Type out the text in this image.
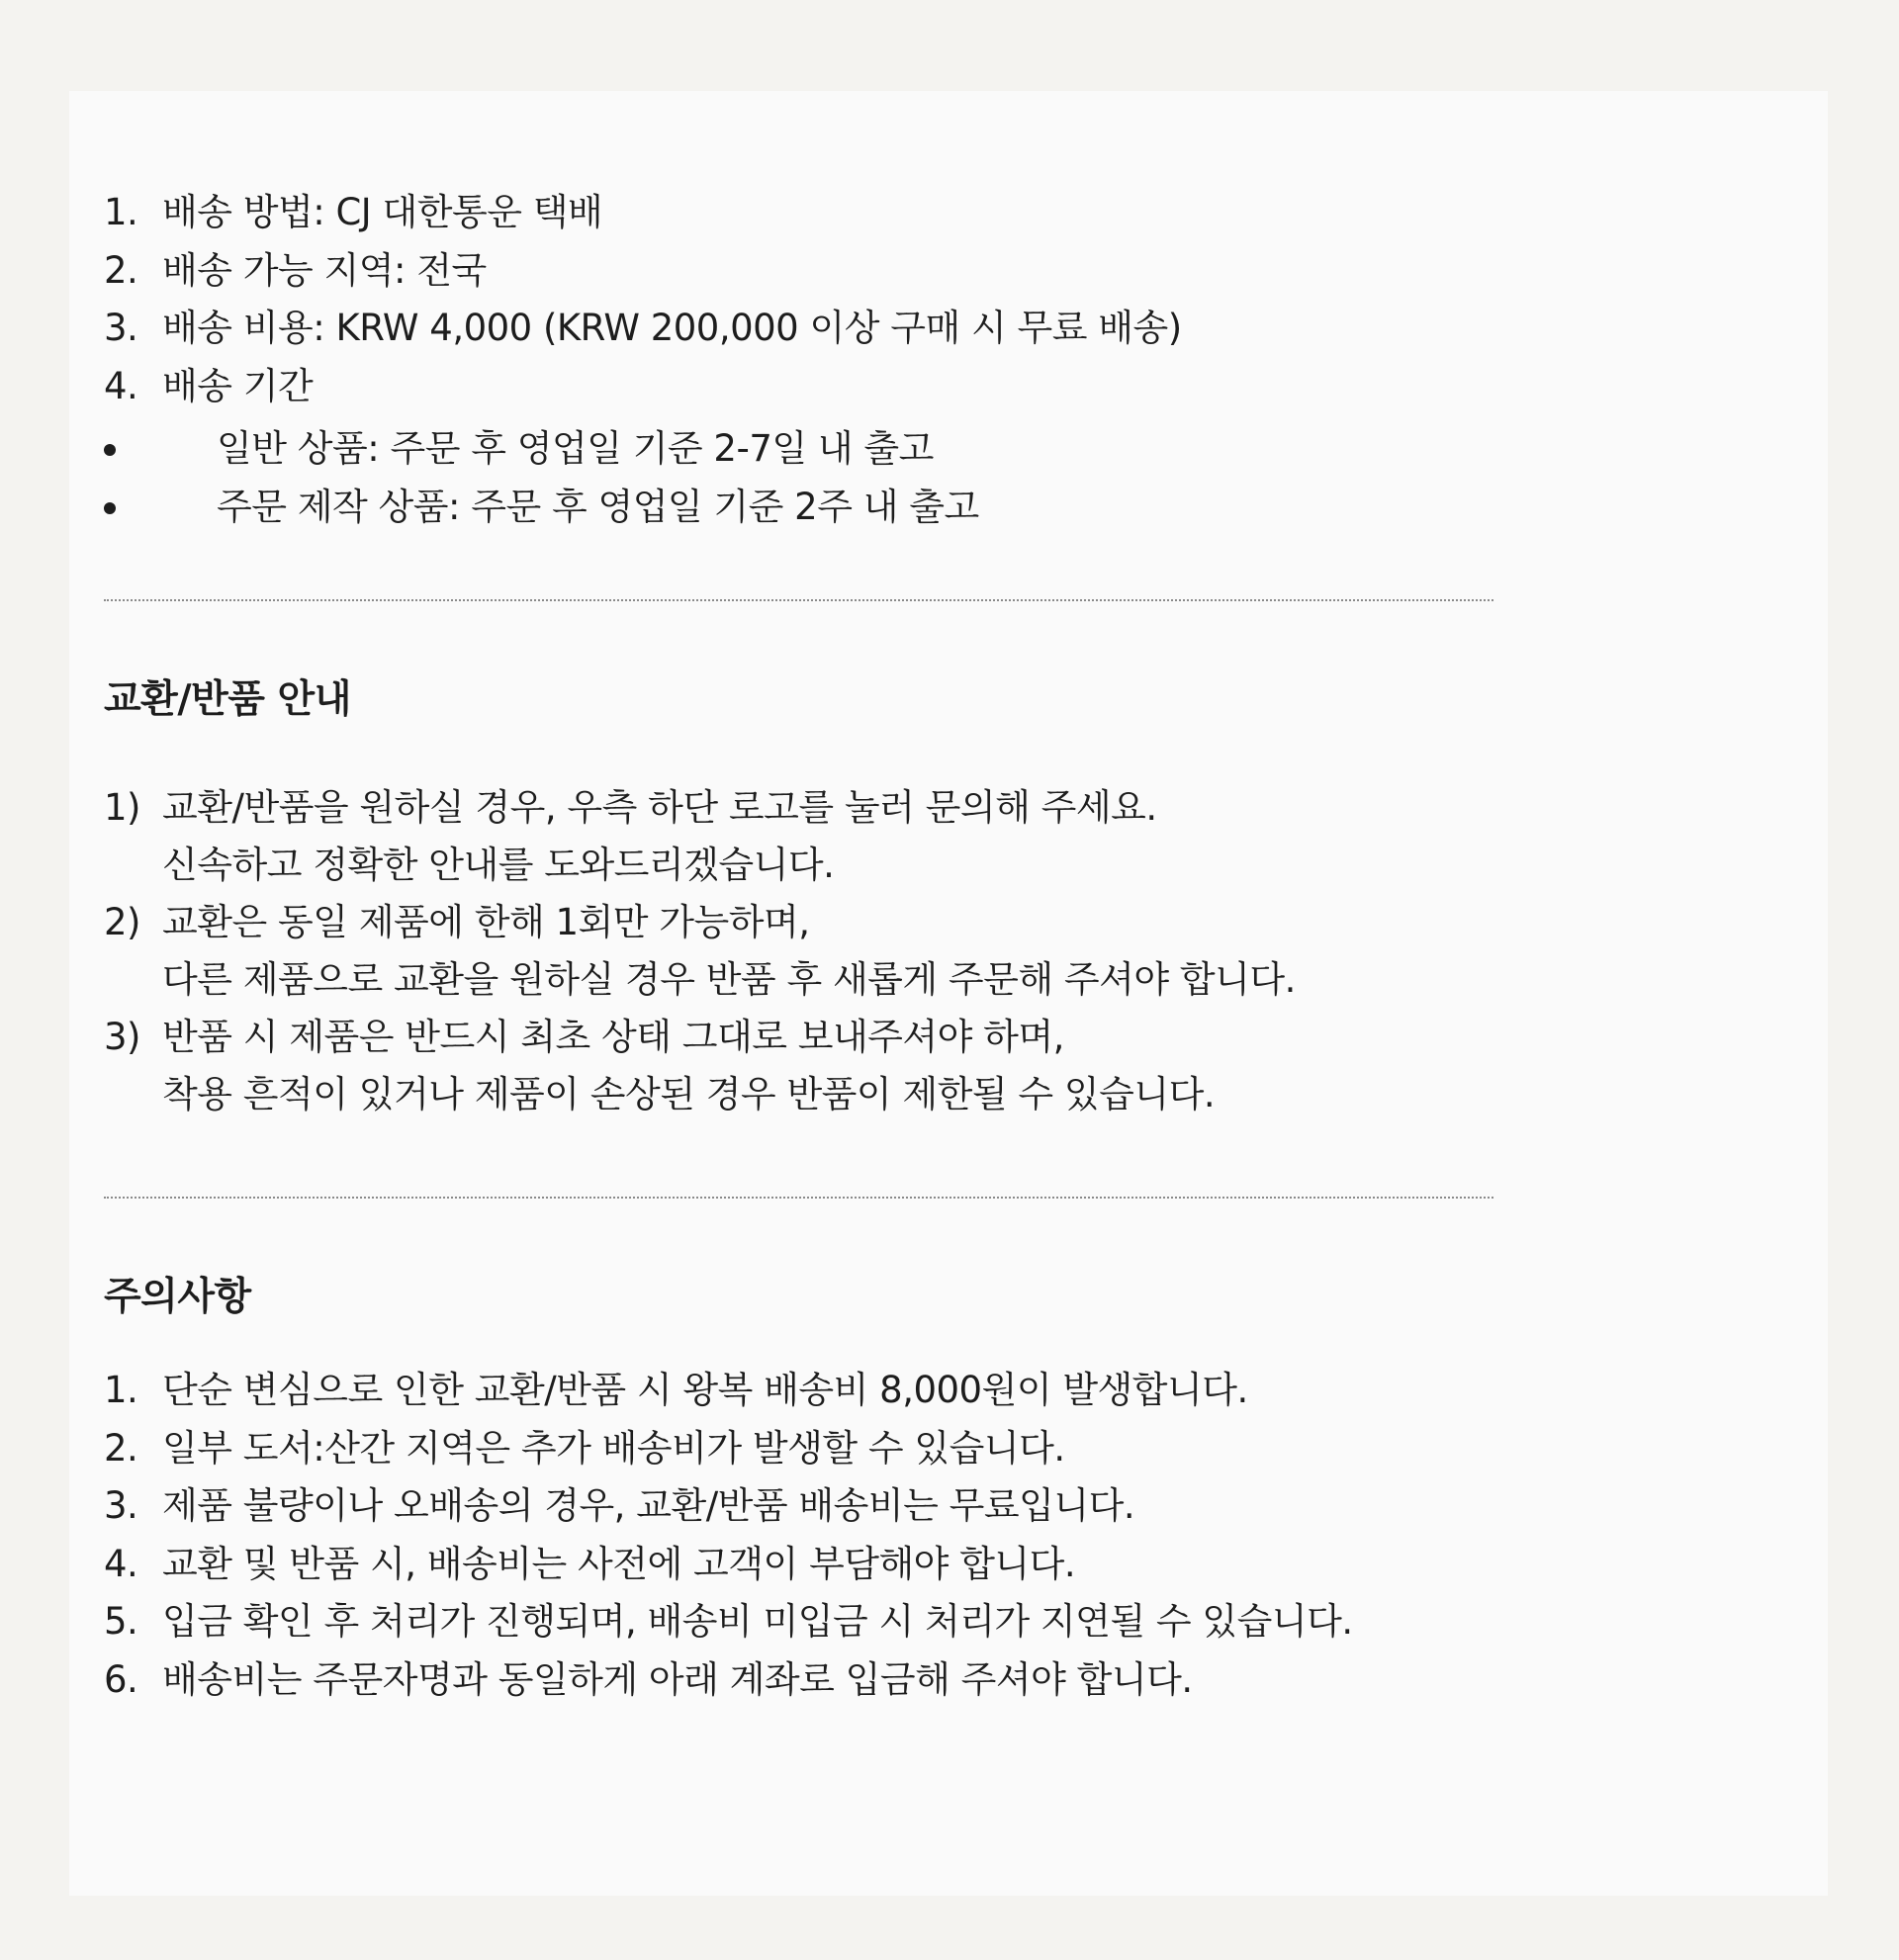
1. 배송 방법: CJ 대한통운 택배
2. 배송 가능 지역: 전국
3. 배송 비용: KRW 4,000 (KRW 200,000 이상 구매 시 무료 배송)
4. 배송 기간
일반 상품: 주문 후 영업일 기준 2-7일 내 출고
주문 제작 상품: 주문 후 영업일 기준 2주 내 출고
교환/반품 안내
1) 교환/반품을 원하실 경우, 우측 하단 로고를 눌러 문의해 주세요.
신속하고 정확한 안내를 도와드리겠습니다.
2) 교환은 동일 제품에 한해 1회만 가능하며,
다른 제품으로 교환을 원하실 경우 반품 후 새롭게 주문해 주셔야 합니다.
3) 반품 시 제품은 반드시 최초 상태 그대로 보내주셔야 하며,
착용 흔적이 있거나 제품이 손상된 경우 반품이 제한될 수 있습니다.
주의사항
1. 단순 변심으로 인한 교환/반품 시 왕복 배송비 8,000원이 발생합니다.
2. 일부 도서:산간 지역은 추가 배송비가 발생할 수 있습니다.
3. 제품 불량이나 오배송의 경우, 교환/반품 배송비는 무료입니다.
4. 교환 및 반품 시, 배송비는 사전에 고객이 부담해야 합니다.
5. 입금 확인 후 처리가 진행되며, 배송비 미입금 시 처리가 지연될 수 있습니다.
6. 배송비는 주문자명과 동일하게 아래 계좌로 입금해 주셔야 합니다.
